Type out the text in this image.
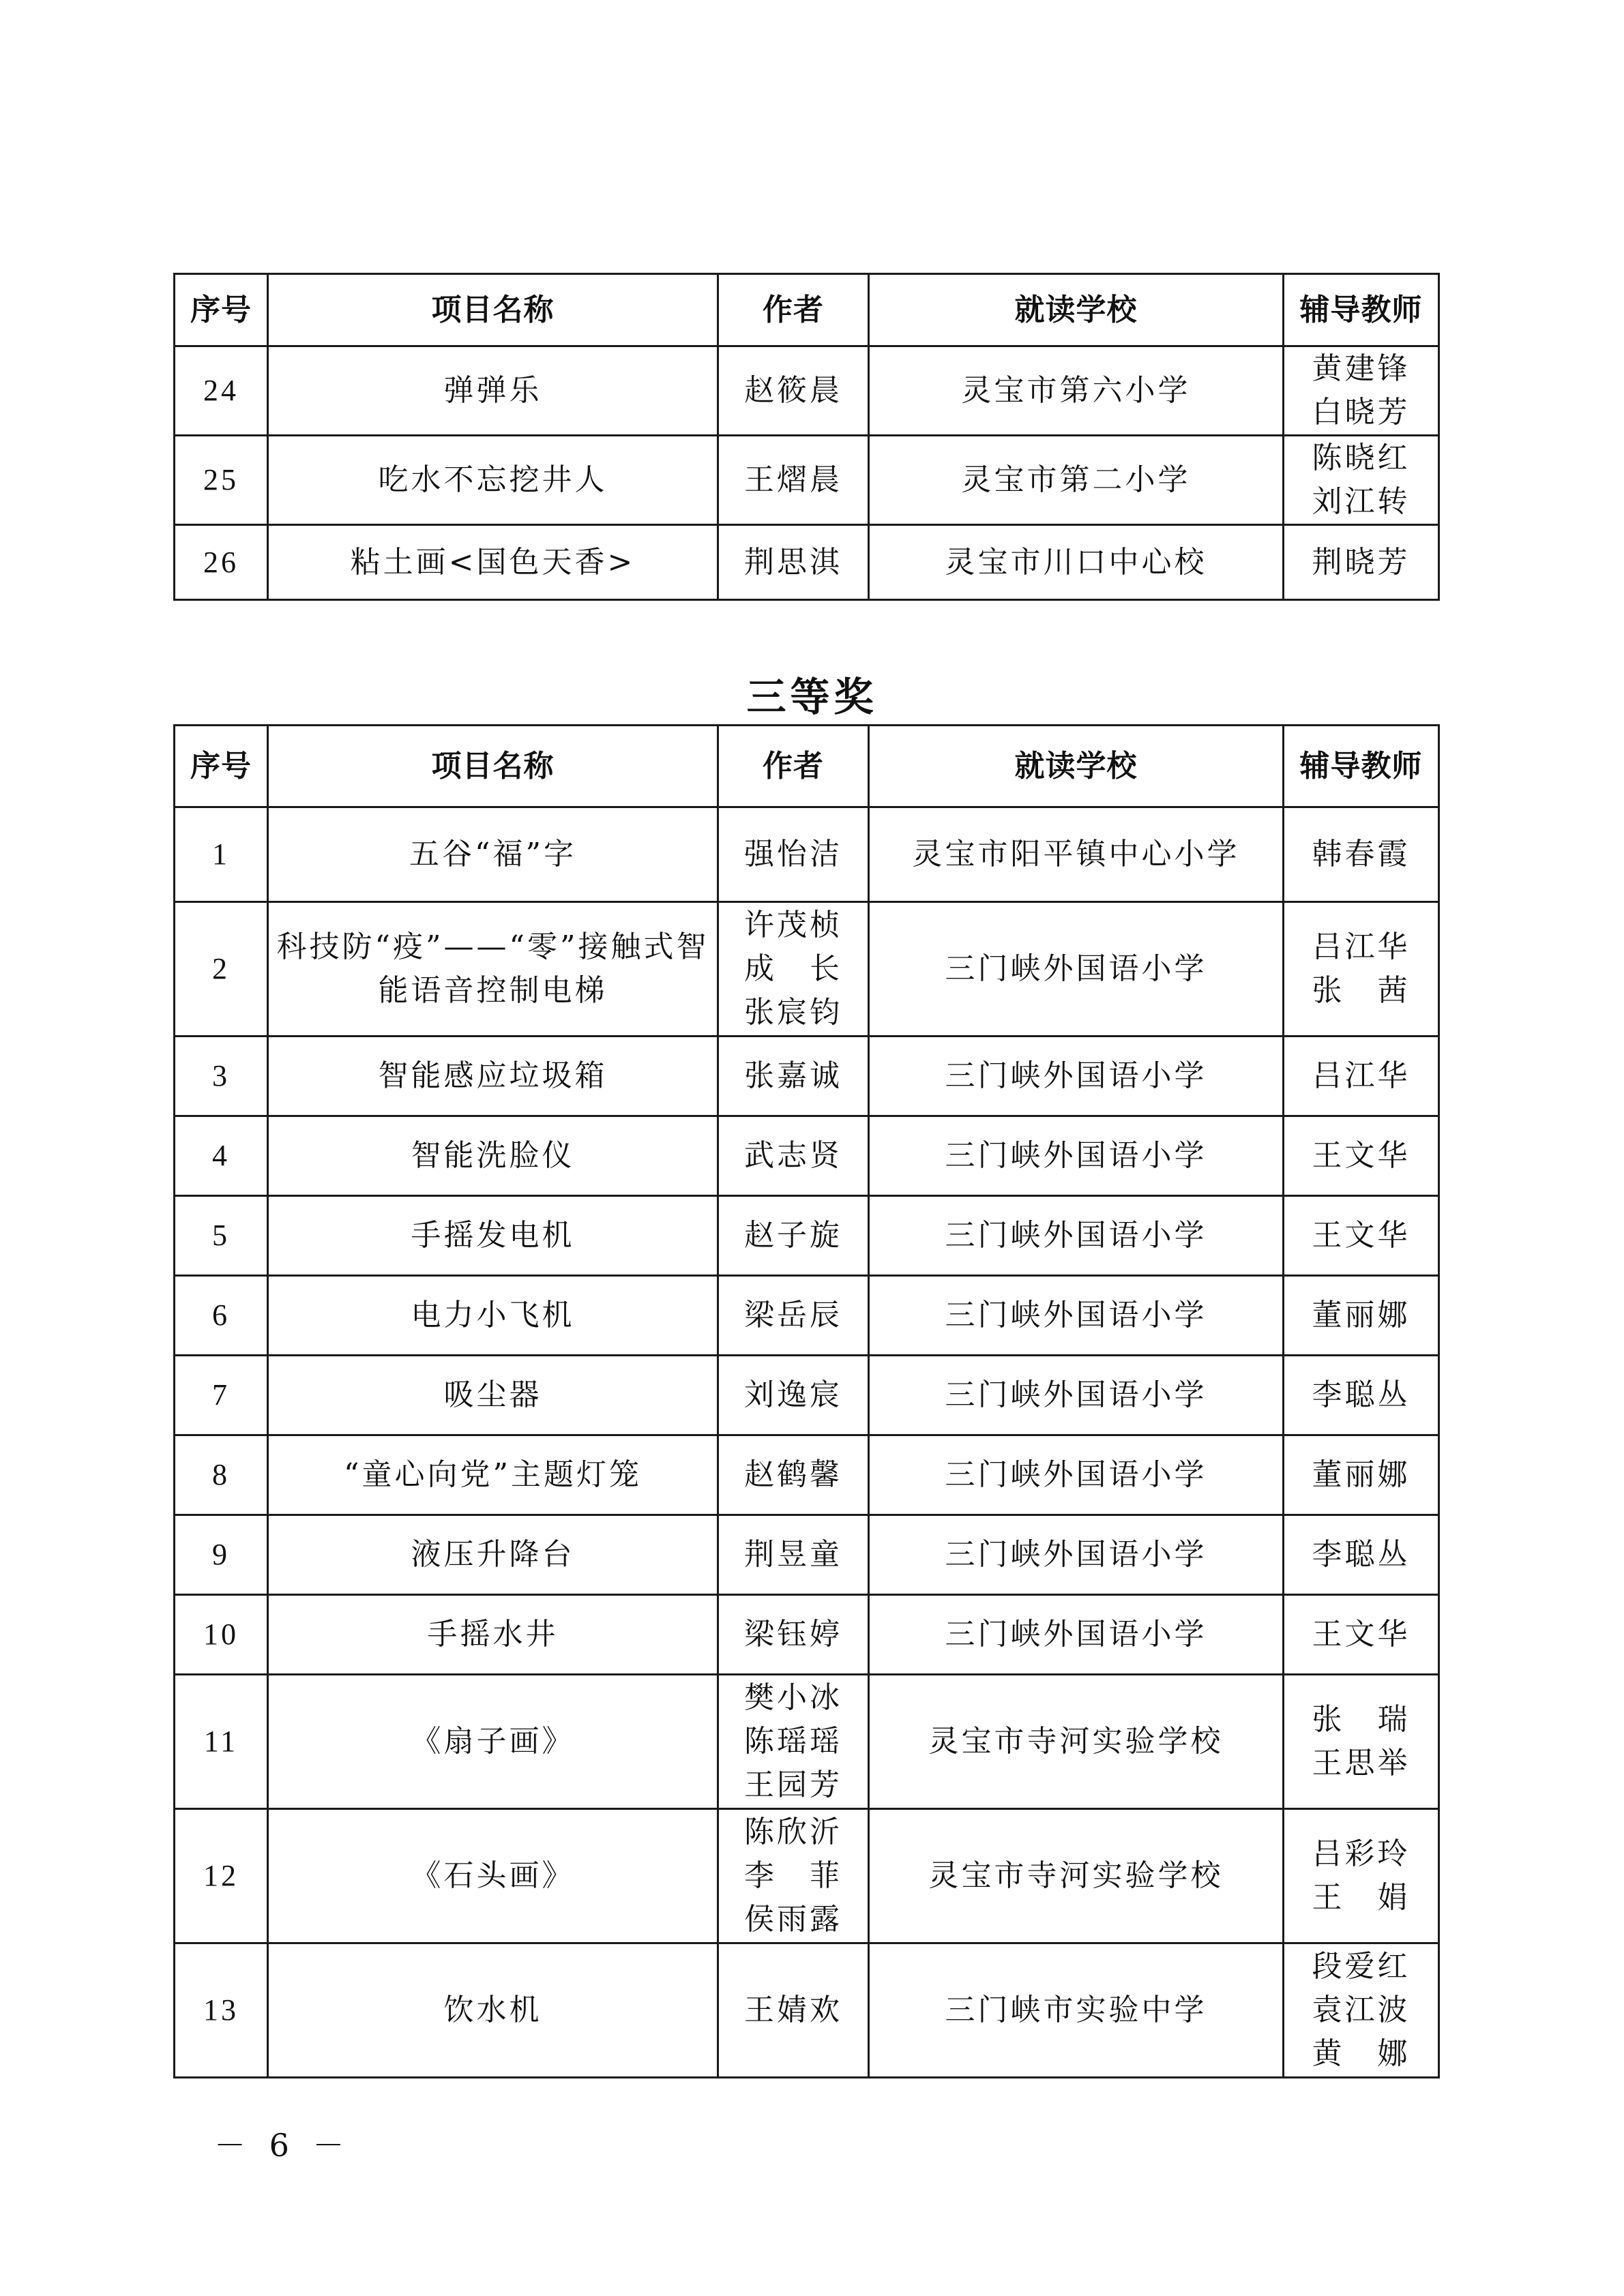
序号	项目名称	作者	就读学校	辅导教师
24	弹弹乐	赵筱晨	灵宝市第六小学	黄建锋
白晓芳

25	吃水不忘挖井人	王熠晨	灵宝市第二小学	陈晓红
刘江转

26	粘土画<国色天香>	荆思淇	灵宝市川口中心校	荆晓芳
三等奖
序号	项目名称	作者	就读学校	辅导教师
1	五谷“福”字	强怡洁	灵宝市阳平镇中心小学	韩春霞

2	科技防“疫”——“零”接触式智
能语音控制电梯	许茂桢
成　长
张宸钧	三门峡外国语小学	吕江华
张　茜

3	智能感应垃圾箱	张嘉诚	三门峡外国语小学	吕江华

4	智能洗脸仪	武志贤	三门峡外国语小学	王文华

5	手摇发电机	赵子旋	三门峡外国语小学	王文华

6	电力小飞机	梁岳辰	三门峡外国语小学	董丽娜

7	吸尘器	刘逸宸	三门峡外国语小学	李聪丛

8	“童心向党”主题灯笼	赵鹤馨	三门峡外国语小学	董丽娜

9	液压升降台	荆昱童	三门峡外国语小学	李聪丛

10	手摇水井	梁钰婷	三门峡外国语小学	王文华

11	《扇子画》	樊小冰
陈瑶瑶
王园芳	灵宝市寺河实验学校	张　瑞
王思举

12	《石头画》	陈欣沂
李　菲
侯雨露	灵宝市寺河实验学校	吕彩玲
王　娟

13	饮水机	王婧欢	三门峡市实验中学	段爱红
袁江波
黄　娜
－ 6 －
